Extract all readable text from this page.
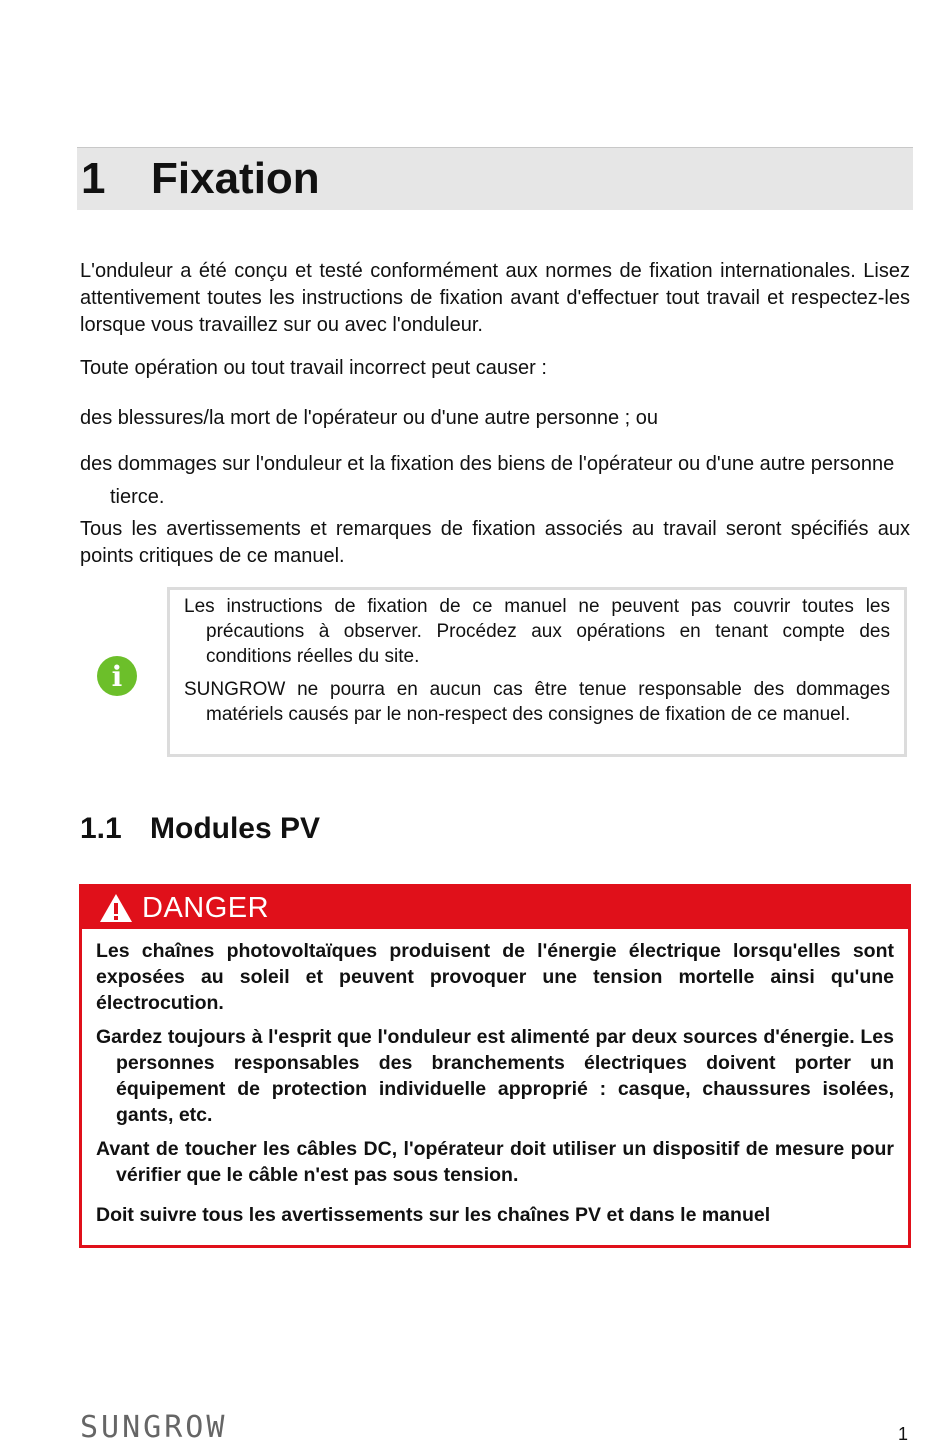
1	Fixation
L'onduleur a été conçu et testé conformément aux normes de fixation internationales. Lisez attentivement toutes les instructions de fixation avant d'effectuer tout travail et respectez-les lorsque vous travaillez sur ou avec l'onduleur.
Toute opération ou tout travail incorrect peut causer :
des blessures/la mort de l'opérateur ou d'une autre personne ; ou
des dommages sur l'onduleur et la fixation des biens de l'opérateur ou d'une autre personne tierce.
Tous les avertissements et remarques de fixation associés au travail seront spécifiés aux points critiques de ce manuel.
i
Les instructions de fixation de ce manuel ne peuvent pas couvrir toutes les précautions à observer. Procédez aux opérations en tenant compte des conditions réelles du site.
SUNGROW ne pourra en aucun cas être tenue responsable des dommages matériels causés par le non-respect des consignes de fixation de ce manuel.
1.1 Modules PV
DANGER
Les chaînes photovoltaïques produisent de l'énergie électrique lorsqu'elles sont exposées au soleil et peuvent provoquer une tension mortelle ainsi qu'une électrocution.
Gardez toujours à l'esprit que l'onduleur est alimenté par deux sources d'énergie. Les personnes responsables des branchements électriques doivent porter un équipement de protection individuelle approprié : casque, chaussures isolées, gants, etc.
Avant de toucher les câbles DC, l'opérateur doit utiliser un dispositif de mesure pour vérifier que le câble n'est pas sous tension.
Doit suivre tous les avertissements sur les chaînes PV et dans le manuel
SUNGROW	1
